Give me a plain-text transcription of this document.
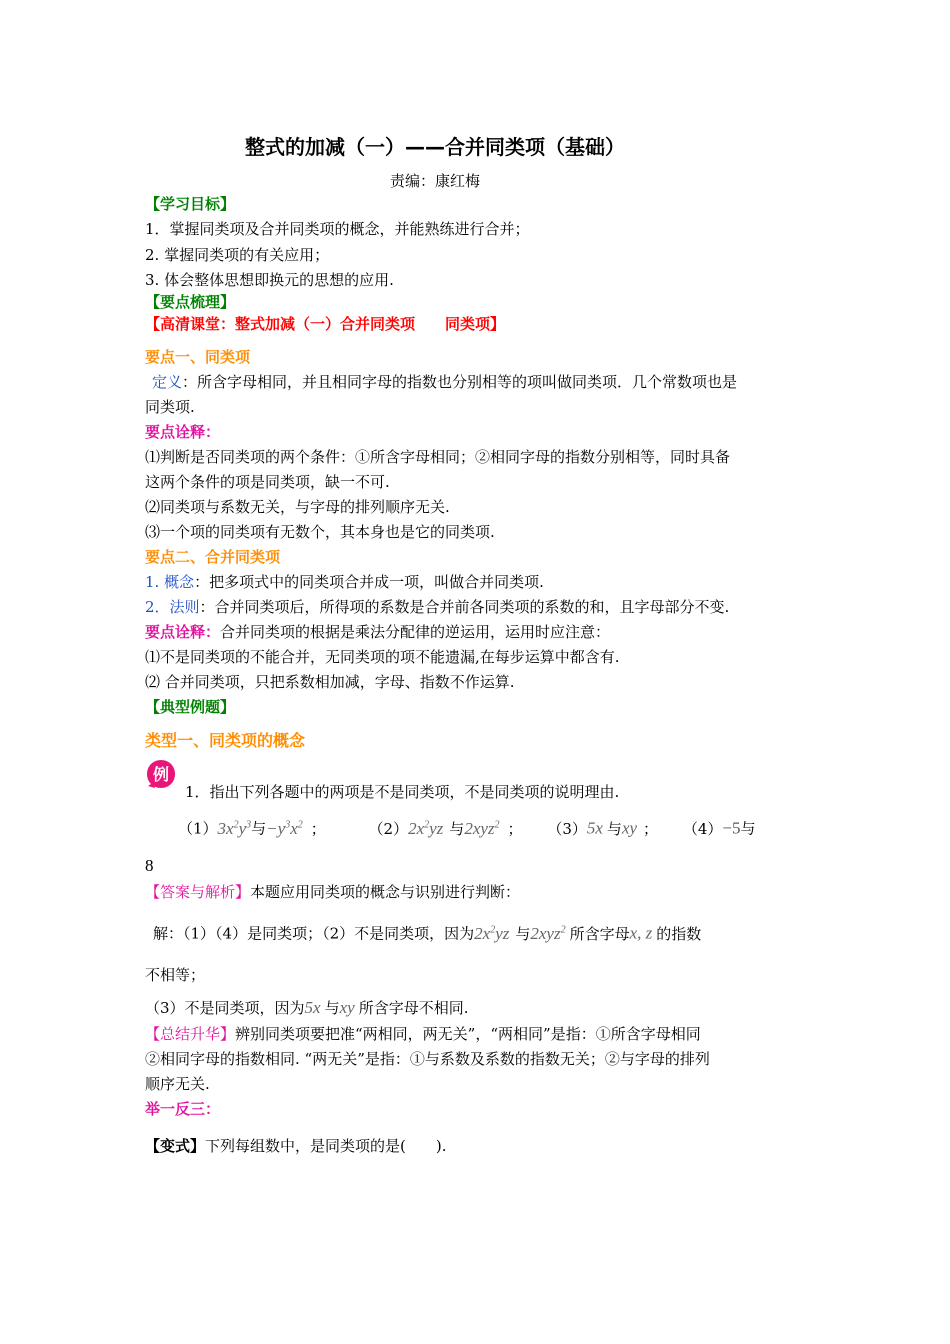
整式的加减（一）——合并同类项（基础）
责编：康红梅
【学习目标】
1．掌握同类项及合并同类项的概念，并能熟练进行合并；
2. 掌握同类项的有关应用；
3. 体会整体思想即换元的思想的应用.
【要点梳理】
【高清课堂：整式加减（一）合并同类项　　同类项】
要点一、同类项
定义：所含字母相同，并且相同字母的指数也分别相等的项叫做同类项．几个常数项也是
同类项.
要点诠释：
⑴判断是否同类项的两个条件：①所含字母相同；②相同字母的指数分别相等，同时具备
这两个条件的项是同类项，缺一不可.
⑵同类项与系数无关，与字母的排列顺序无关.
⑶一个项的同类项有无数个，其本身也是它的同类项.
要点二、合并同类项
1. 概念：把多项式中的同类项合并成一项，叫做合并同类项.
2．法则：合并同类项后，所得项的系数是合并前各同类项的系数的和，且字母部分不变.
要点诠释：合并同类项的根据是乘法分配律的逆运用，运用时应注意：
⑴不是同类项的不能合并，无同类项的项不能遗漏,在每步运算中都含有.
⑵ 合并同类项，只把系数相加减，字母、指数不作运算.
【典型例题】
类型一、同类项的概念
例
1．指出下列各题中的两项是不是同类项，不是同类项的说明理由.
$(1)3x^2y^3$与$-y^3x^2$ ；	$(2)2x^2yz$ 与2xyz$^2$ ； （3）5x 与xy ； （4）−5与
8
【答案与解析】本题应用同类项的概念与识别进行判断：
解：（1）（4）是同类项；（2）不是同类项，因为$2x^2yz$ 与2xyz$^2$ 所含字母x, z 的指数
不相等；
（3）不是同类项，因为5x 与xy 所含字母不相同.
【总结升华】辨别同类项要把准“两相同，两无关”，“两相同”是指：①所含字母相同
②相同字母的指数相同. “两无关”是指：①与系数及系数的指数无关；②与字母的排列
顺序无关.
举一反三：
【变式】下列每组数中，是同类项的是(　　).
